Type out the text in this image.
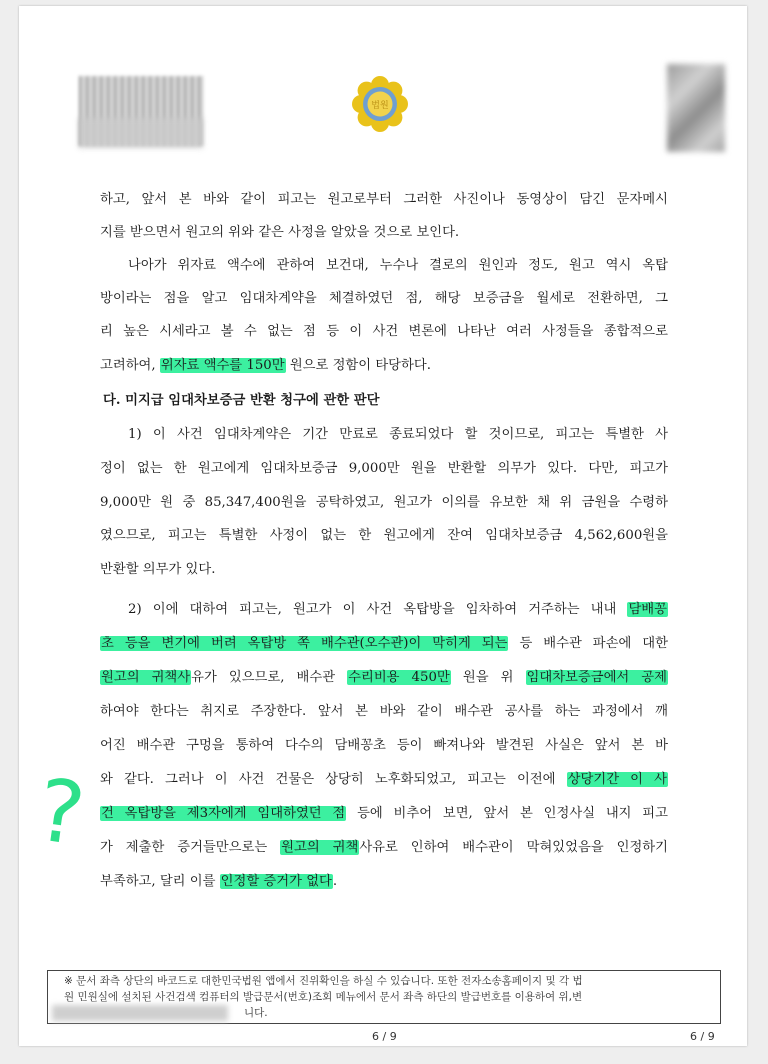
법원
하고, 앞서 본 바와 같이 피고는 원고로부터 그러한 사진이나 동영상이 담긴 문자메시
지를 받으면서 원고의 위와 같은 사정을 알았을 것으로 보인다.
나아가 위자료 액수에 관하여 보건대, 누수나 결로의 원인과 정도, 원고 역시 옥탑
방이라는 점을 알고 임대차계약을 체결하였던 점, 해당 보증금을 월세로 전환하면, 그
리 높은 시세라고 볼 수 없는 점 등 이 사건 변론에 나타난 여러 사정들을 종합적으로
고려하여, 위자료 액수를 150만 원으로 정함이 타당하다.
다. 미지급 임대차보증금 반환 청구에 관한 판단
1) 이 사건 임대차계약은 기간 만료로 종료되었다 할 것이므로, 피고는 특별한 사
정이 없는 한 원고에게 임대차보증금 9,000만 원을 반환할 의무가 있다. 다만, 피고가
9,000만 원 중 85,347,400원을 공탁하였고, 원고가 이의를 유보한 채 위 금원을 수령하
였으므로, 피고는 특별한 사정이 없는 한 원고에게 잔여 임대차보증금 4,562,600원을
반환할 의무가 있다.
2) 이에 대하여 피고는, 원고가 이 사건 옥탑방을 임차하여 거주하는 내내 담배꽁
초 등을 변기에 버려 옥탑방 쪽 배수관(오수관)이 막히게 되는 등 배수관 파손에 대한
원고의 귀책사유가 있으므로, 배수관 수리비용 450만 원을 위 임대차보증금에서 공제
하여야 한다는 취지로 주장한다. 앞서 본 바와 같이 배수관 공사를 하는 과정에서 깨
어진 배수관 구멍을 통하여 다수의 담배꽁초 등이 빠져나와 발견된 사실은 앞서 본 바
와 같다. 그러나 이 사건 건물은 상당히 노후화되었고, 피고는 이전에 상당기간 이 사
건 옥탑방을 제3자에게 임대하였던 점 등에 비추어 보면, 앞서 본 인정사실 내지 피고
가 제출한 증거들만으로는 원고의 귀책사유로 인하여 배수관이 막혀있었음을 인정하기
부족하고, 달리 이를 인정할 증거가 없다.
?
※ 문서 좌측 상단의 바코드로 대한민국법원 앱에서 진위확인을 하실 수 있습니다. 또한 전자소송홈페이지 및 각 법
원 민원실에 설치된 사건검색 컴퓨터의 발급문서(번호)조회 메뉴에서 문서 좌측 하단의 발급번호를 이용하여 위,변
니다.
6 / 9	6 / 9
